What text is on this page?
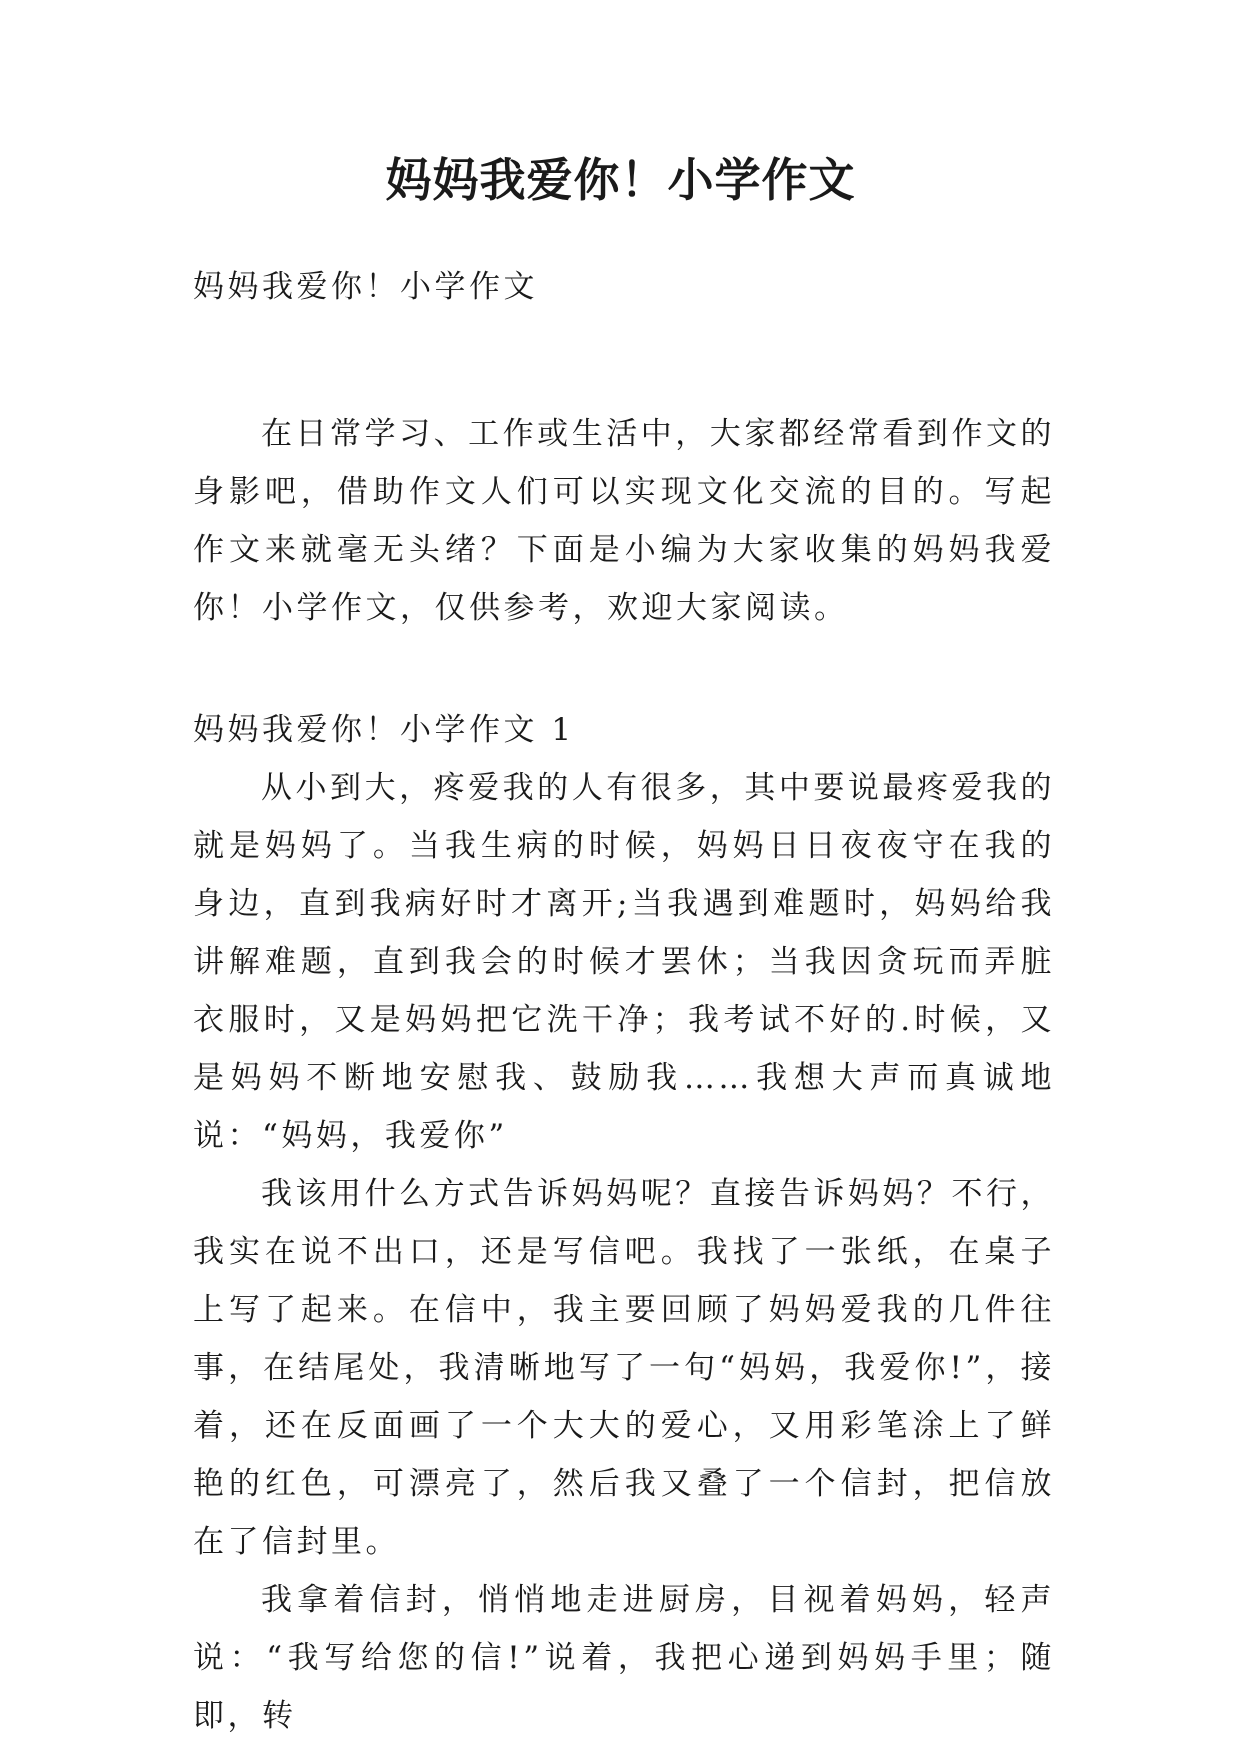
妈妈我爱你！小学作文
妈妈我爱你！小学作文

在日常学习、工作或生活中，大家都经常看到作文的身影吧，借助作文人们可以实现文化交流的目的。写起作文来就毫无头绪？下面是小编为大家收集的妈妈我爱你！小学作文，仅供参考，欢迎大家阅读。

妈妈我爱你！小学作文 1

从小到大，疼爱我的人有很多，其中要说最疼爱我的就是妈妈了。当我生病的时候，妈妈日日夜夜守在我的身边，直到我病好时才离开;当我遇到难题时，妈妈给我讲解难题，直到我会的时候才罢休；当我因贪玩而弄脏衣服时，又是妈妈把它洗干净；我考试不好的.时候，又是妈妈不断地安慰我、鼓励我……我想大声而真诚地说：“妈妈，我爱你”

我该用什么方式告诉妈妈呢？直接告诉妈妈？不行，我实在说不出口，还是写信吧。我找了一张纸，在桌子上写了起来。在信中，我主要回顾了妈妈爱我的几件往事，在结尾处，我清晰地写了一句“妈妈，我爱你!”，接着，还在反面画了一个大大的爱心，又用彩笔涂上了鲜艳的红色，可漂亮了，然后我又叠了一个信封，把信放在了信封里。

我拿着信封，悄悄地走进厨房，目视着妈妈，轻声说：“我写给您的信!”说着，我把心递到妈妈手里；随即，转
